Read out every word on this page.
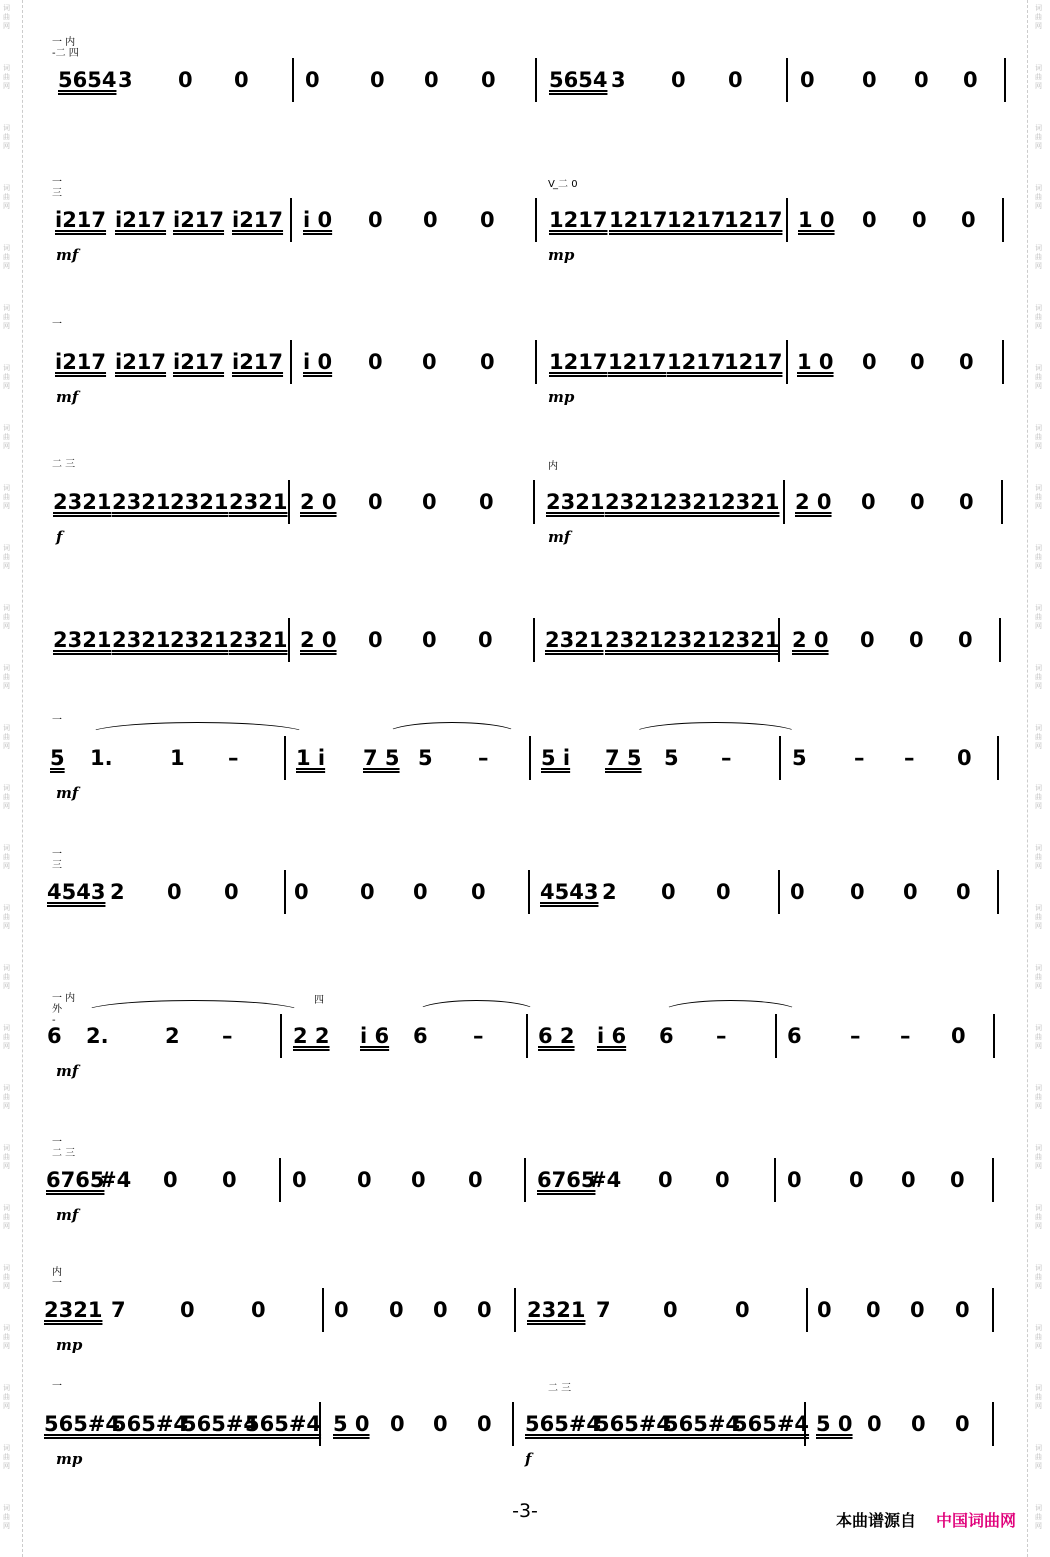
词
曲
网
词
曲
网
词
曲
网
词
曲
网
词
曲
网
词
曲
网
词
曲
网
词
曲
网
词
曲
网
词
曲
网
词
曲
网
词
曲
网
词
曲
网
词
曲
网
词
曲
网
词
曲
网
词
曲
网
词
曲
网
词
曲
网
词
曲
网
词
曲
网
词
曲
网
词
曲
网
词
曲
网
词
曲
网
词
曲
网
词
曲
网
词
曲
网
词
曲
网
词
曲
网
词
曲
网
词
曲
网
词
曲
网
词
曲
网
词
曲
网
词
曲
网
词
曲
网
词
曲
网
词
曲
网
词
曲
网
词
曲
网
词
曲
网
词
曲
网
词
曲
网
词
曲
网
词
曲
网
词
曲
网
词
曲
网
词
曲
网
词
曲
网
词
曲
网
词
曲
网
一 内
-二 四
5654 3 0 0	0 0 0 0	5654 3 0 0	0 0 0 0
一
三
V ̲二 0
i217 i217 i217 i217 i 0 0 0 0	1217 1217 1217
1217 1 0 0 0 0
mf	mp
一
i217 i217 i217 i217 i 0 0 0 0	1217 1217 1217
1217 1 0 0 0 0
mf	mp
二 三	内
2321 2321 2321 2321 2 0 0 0 0 2321 2321 2321 2321 2 0 0 0 0
f	mf
2321 2321 2321 2321 2 0 0 0 0 2321 2321 2321 2321 2 0 0 0 0
一
5 1.	1 –	1 i 7 5 5 –	5 i 7 5 5 –	5 – – 0
mf
一
三
4543 2 0 0	0 0 0 0	4543 2 0 0	0 0 0 0
一 内
外
-
四
6 2.	2 –	2 2 i 6 6 –	6 2 i 6 6 –	6 – – 0
mf
一
二 三
6765
#4 0 0	0 0 0 0	6765
#4 0 0	0 0 0 0
mf
内
一
2321 7	0	0	0 0 0 0 2321 7 0	0	0 0 0 0
mp
一	二 三
565#4
565#4
565#4
565#4 5 0 0 0 0 565#4
565#4
565#4
565#4 5 0 0 0 0
mp	f
-3-	本曲谱源自 中国词曲网
